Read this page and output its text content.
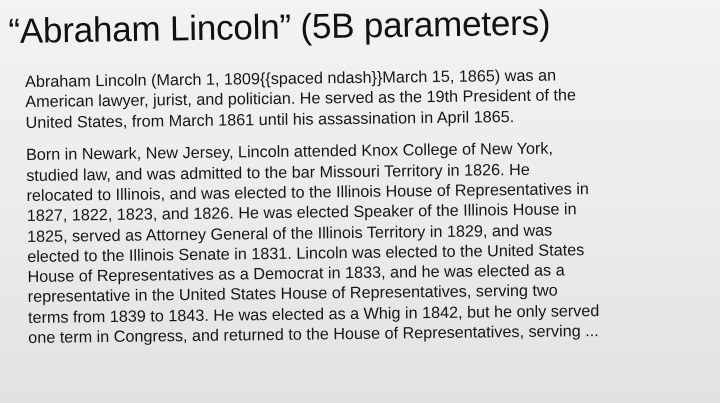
“Abraham Lincoln” (5B parameters)

Abraham Lincoln (March 1, 1809{{spaced ndash}}March 15, 1865) was an
American lawyer, jurist, and politician. He served as the 19th President of the
United States, from March 1861 until his assassination in April 1865.

Born in Newark, New Jersey, Lincoln attended Knox College of New York,
studied law, and was admitted to the bar Missouri Territory in 1826. He
relocated to Illinois, and was elected to the Illinois House of Representatives in
1827, 1822, 1823, and 1826. He was elected Speaker of the Illinois House in
1825, served as Attorney General of the Illinois Territory in 1829, and was
elected to the Illinois Senate in 1831. Lincoln was elected to the United States
House of Representatives as a Democrat in 1833, and he was elected as a
representative in the United States House of Representatives, serving two
terms from 1839 to 1843. He was elected as a Whig in 1842, but he only served
one term in Congress, and returned to the House of Representatives, serving ...
